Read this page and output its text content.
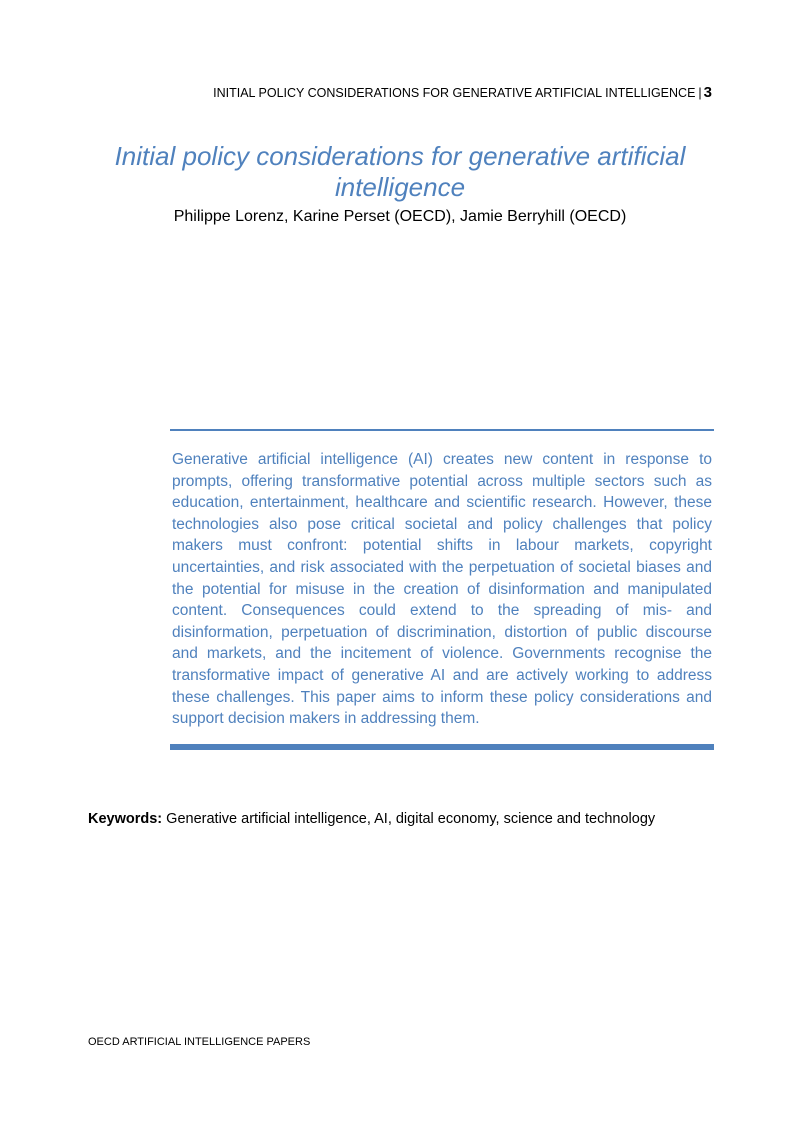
INITIAL POLICY CONSIDERATIONS FOR GENERATIVE ARTIFICIAL INTELLIGENCE | 3
Initial policy considerations for generative artificial intelligence
Philippe Lorenz, Karine Perset (OECD), Jamie Berryhill (OECD)

Generative artificial intelligence (AI) creates new content in response to prompts, offering transformative potential across multiple sectors such as education, entertainment, healthcare and scientific research. However, these technologies also pose critical societal and policy challenges that policy makers must confront: potential shifts in labour markets, copyright uncertainties, and risk associated with the perpetuation of societal biases and the potential for misuse in the creation of disinformation and manipulated content. Consequences could extend to the spreading of mis- and disinformation, perpetuation of discrimination, distortion of public discourse and markets, and the incitement of violence. Governments recognise the transformative impact of generative AI and are actively working to address these challenges. This paper aims to inform these policy considerations and support decision makers in addressing them.

Keywords: Generative artificial intelligence, AI, digital economy, science and technology
OECD ARTIFICIAL INTELLIGENCE PAPERS
